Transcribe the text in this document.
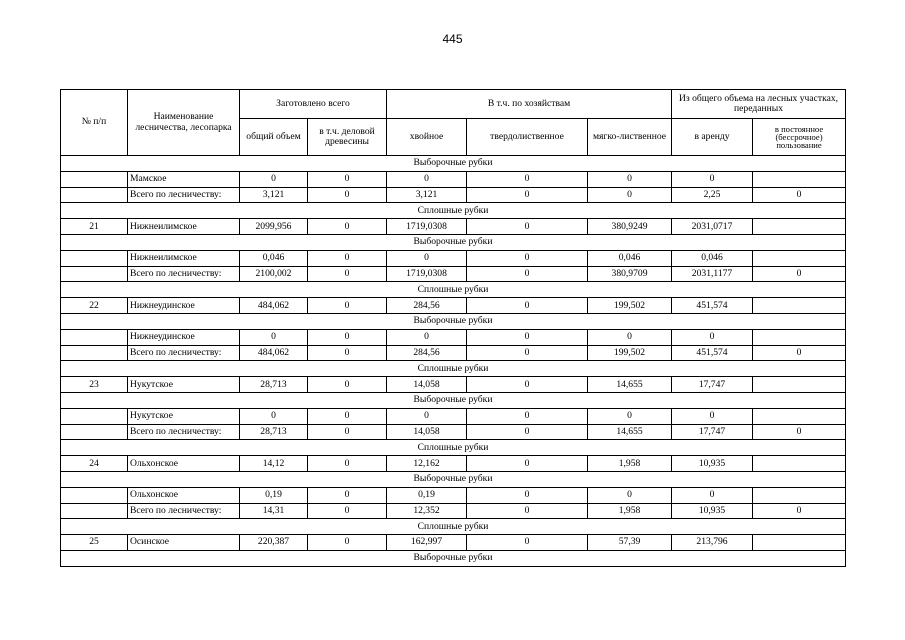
445
№ п/п	Наименование лесничества, лесопарка	Заготовлено всего		В т.ч. по хозяйствам			Из общего объема на лесных участках, переданных	
		общий объем	в т.ч. деловой древесины	хвойное	твердолиственное	мягко-лиственное	в аренду	в постоянное (бессрочное) пользование
Выборочные рубки								
	Мамское	0	0	0	0	0	0	
	Всего по лесничеству:	3,121	0	3,121	0	0	2,25	0
Сплошные рубки								
21	Нижнеилимское	2099,956	0	1719,0308	0	380,9249	2031,0717	
Выборочные рубки								
	Нижнеилимское	0,046	0	0	0	0,046	0,046	
	Всего по лесничеству:	2100,002	0	1719,0308	0	380,9709	2031,1177	0
Сплошные рубки								
22	Нижнеудинское	484,062	0	284,56	0	199,502	451,574	
Выборочные рубки								
	Нижнеудинское	0	0	0	0	0	0	
	Всего по лесничеству:	484,062	0	284,56	0	199,502	451,574	0
Сплошные рубки								
23	Нукутское	28,713	0	14,058	0	14,655	17,747	
Выборочные рубки								
	Нукутское	0	0	0	0	0	0	
	Всего по лесничеству:	28,713	0	14,058	0	14,655	17,747	0
Сплошные рубки								
24	Ольхонское	14,12	0	12,162	0	1,958	10,935	
Выборочные рубки								
	Ольхонское	0,19	0	0,19	0	0	0	
	Всего по лесничеству:	14,31	0	12,352	0	1,958	10,935	0
Сплошные рубки								
25	Осинское	220,387	0	162,997	0	57,39	213,796	
Выборочные рубки								
